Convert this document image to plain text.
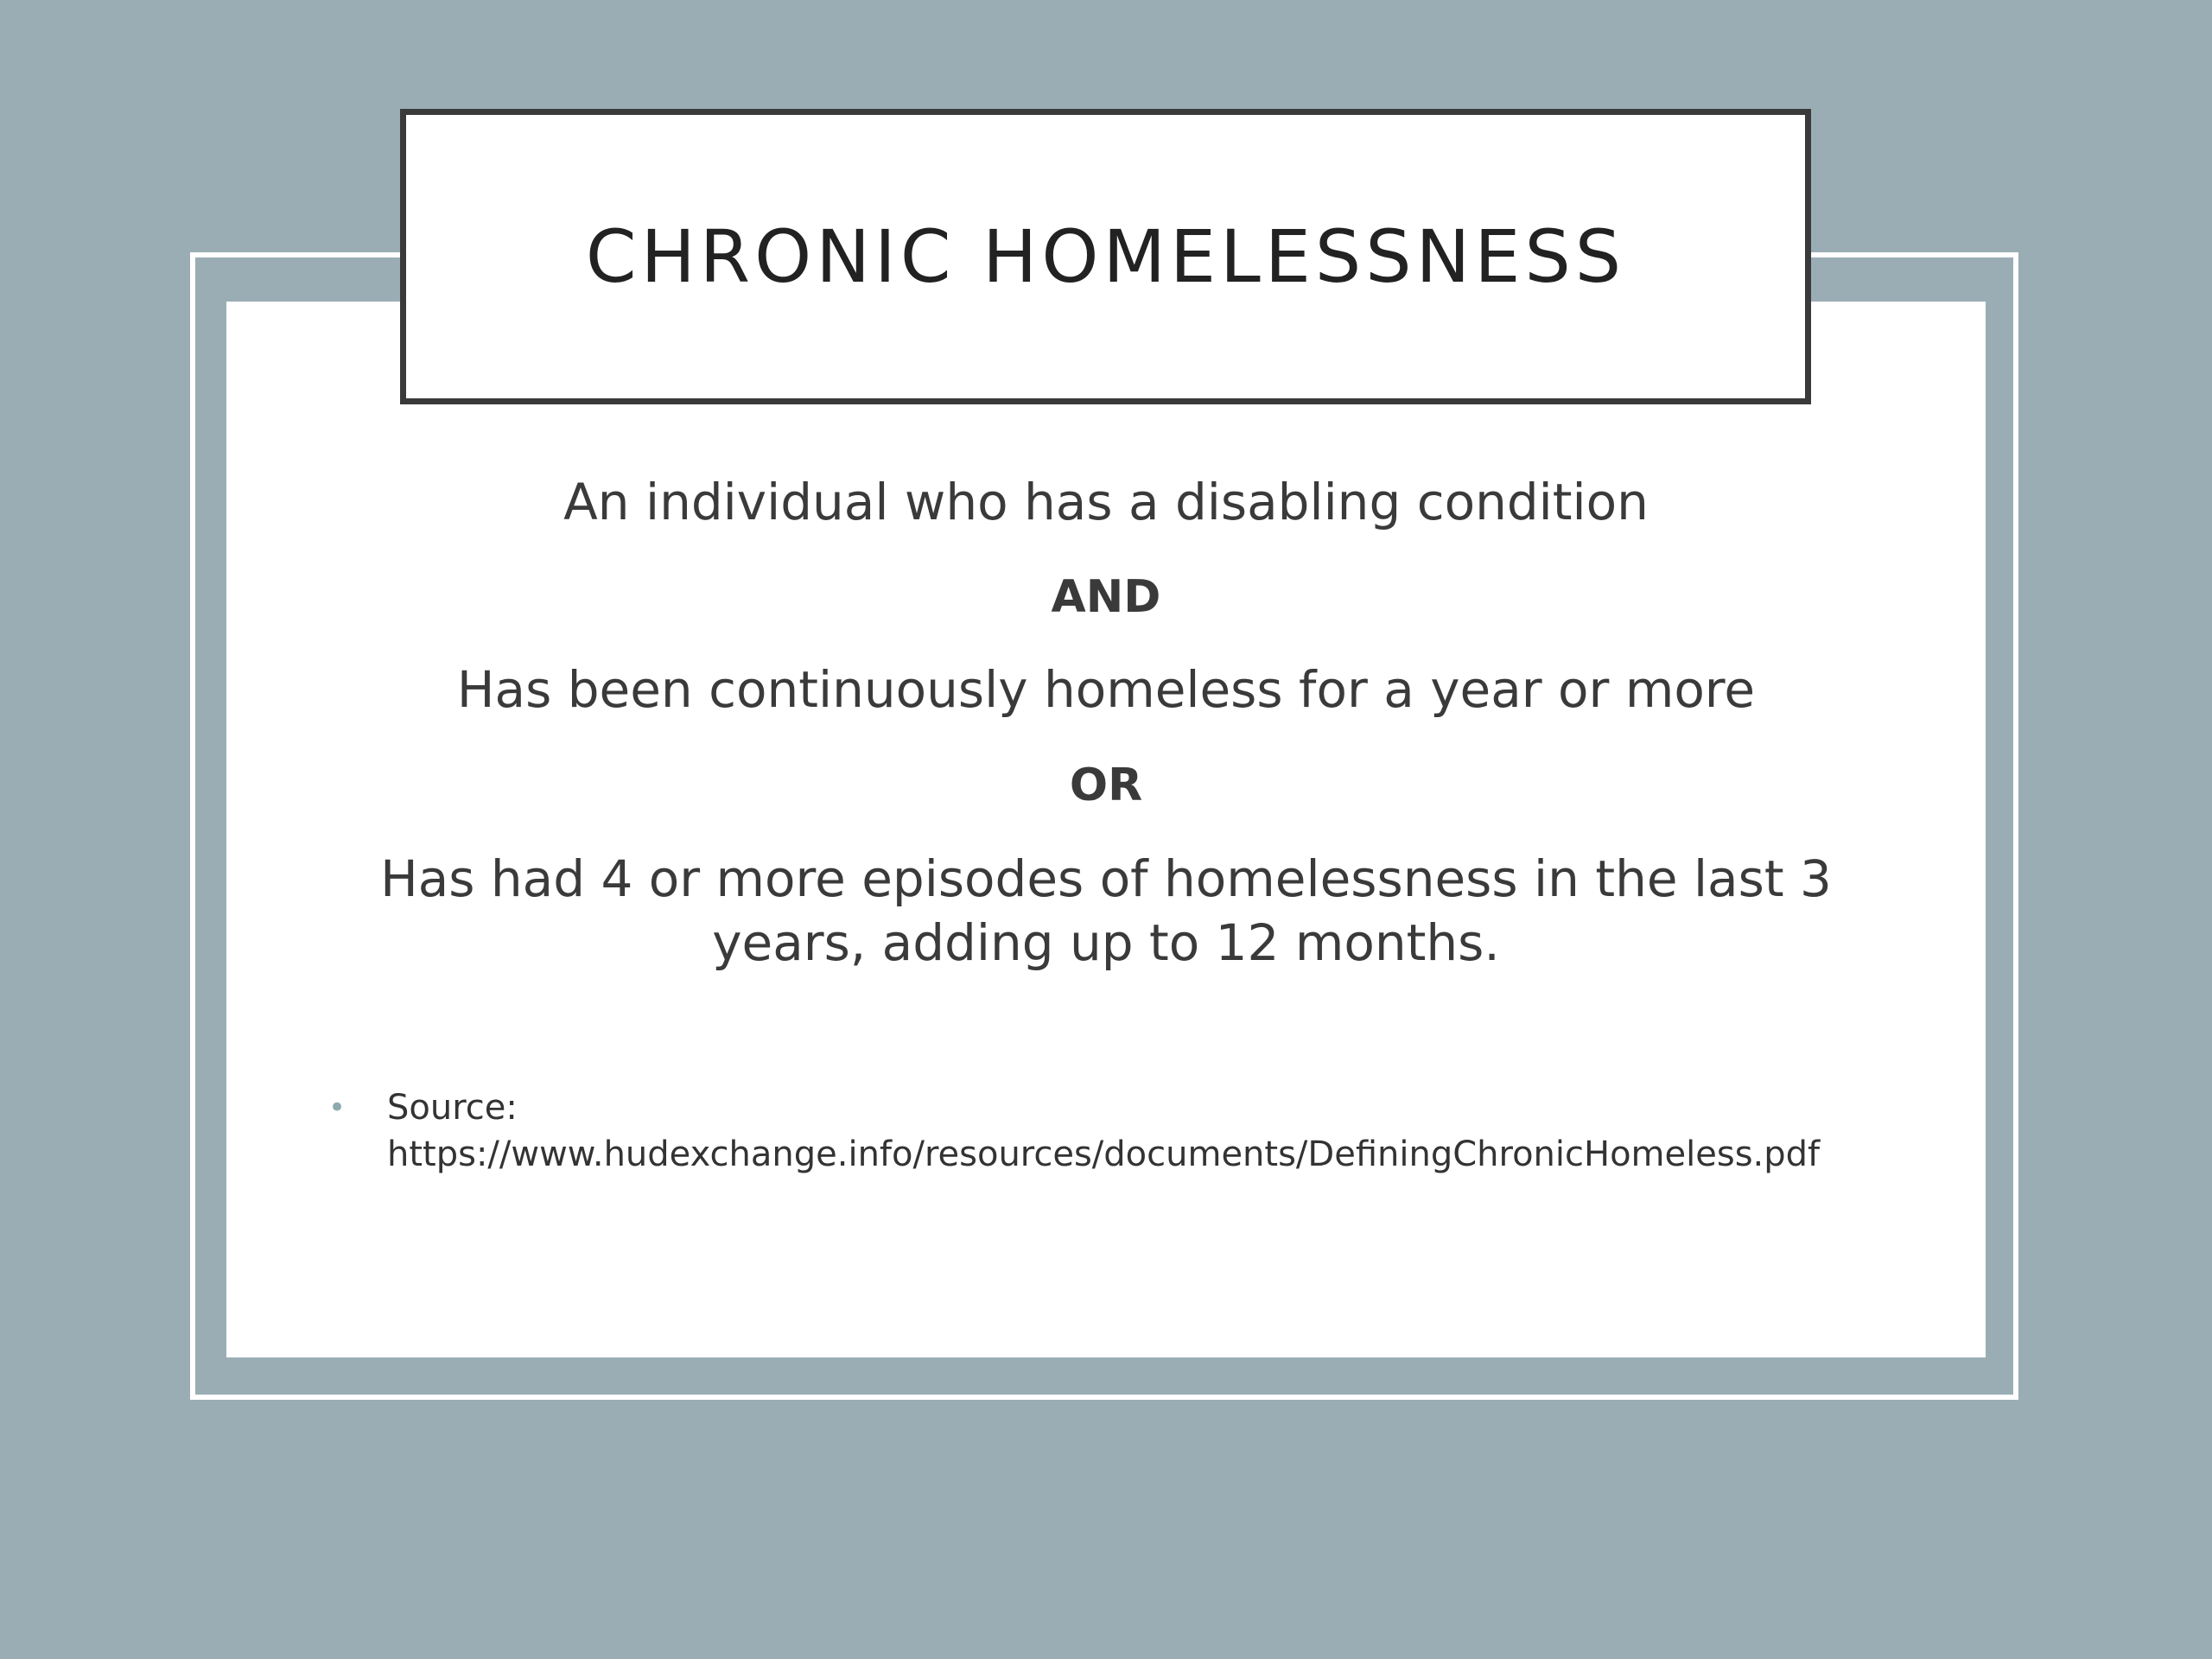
CHRONIC HOMELESSNESS

An individual who has a disabling condition

AND

Has been continuously homeless for a year or more

OR

Has had 4 or more episodes of homelessness in the last 3 years, adding up to 12 months.

• Source:
https://www.hudexchange.info/resources/documents/DefiningChronicHomeless.pdf
